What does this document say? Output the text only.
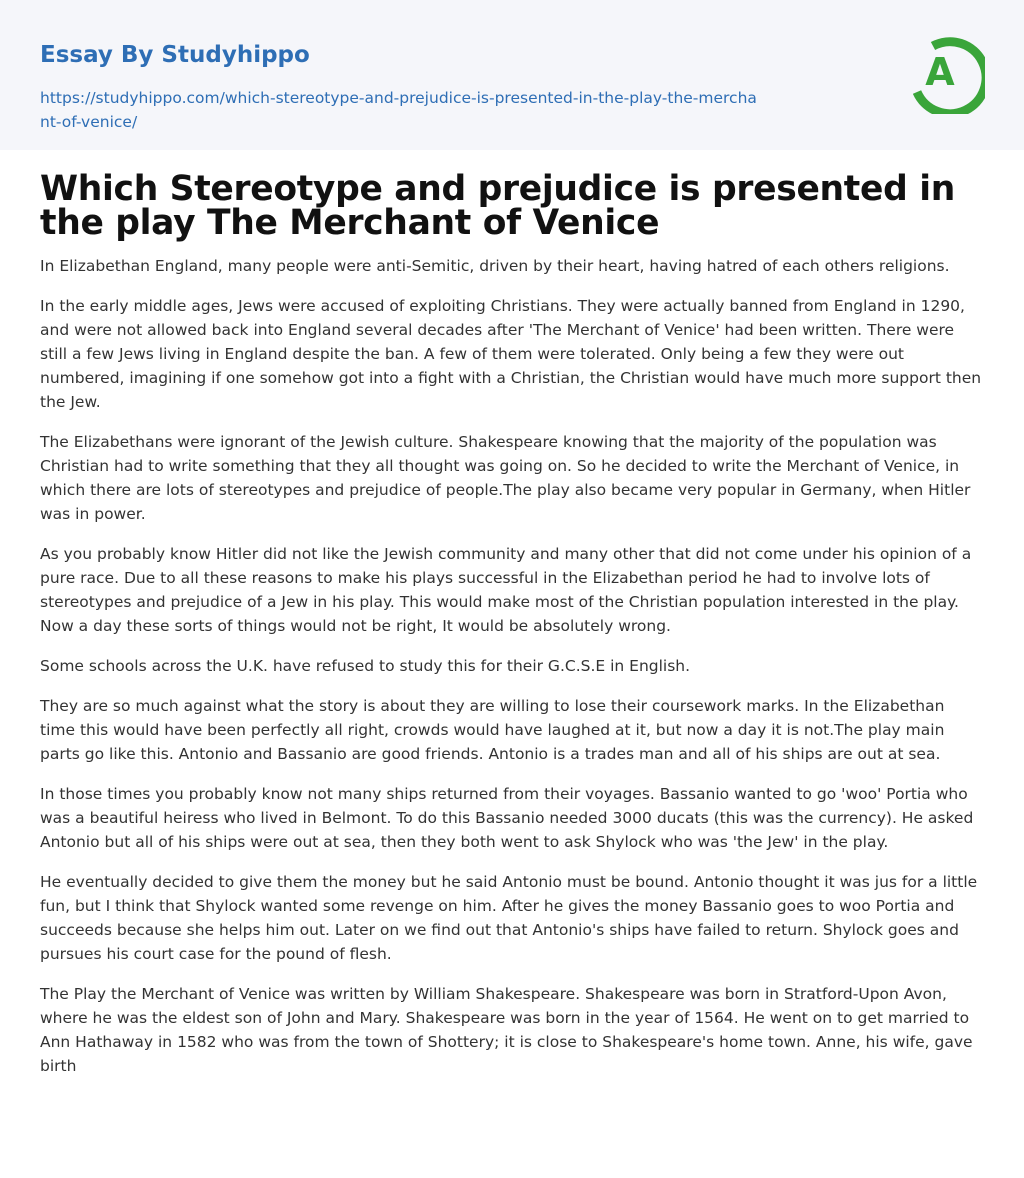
Essay By Studyhippo
https://studyhippo.com/which-stereotype-and-prejudice-is-presented-in-the-play-the-merchant-of-venice/
A
Which Stereotype and prejudice is presented in the play The Merchant of Venice

In Elizabethan England, many people were anti-Semitic, driven by their heart, having hatred of each others religions.

In the early middle ages, Jews were accused of exploiting Christians. They were actually banned from England in 1290, and were not allowed back into England several decades after 'The Merchant of Venice' had been written. There were still a few Jews living in England despite the ban. A few of them were tolerated. Only being a few they were out numbered, imagining if one somehow got into a fight with a Christian, the Christian would have much more support then the Jew.

The Elizabethans were ignorant of the Jewish culture. Shakespeare knowing that the majority of the population was Christian had to write something that they all thought was going on. So he decided to write the Merchant of Venice, in which there are lots of stereotypes and prejudice of people.The play also became very popular in Germany, when Hitler was in power.

As you probably know Hitler did not like the Jewish community and many other that did not come under his opinion of a pure race. Due to all these reasons to make his plays successful in the Elizabethan period he had to involve lots of stereotypes and prejudice of a Jew in his play. This would make most of the Christian population interested in the play. Now a day these sorts of things would not be right, It would be absolutely wrong.

Some schools across the U.K. have refused to study this for their G.C.S.E in English.

They are so much against what the story is about they are willing to lose their coursework marks. In the Elizabethan time this would have been perfectly all right, crowds would have laughed at it, but now a day it is not.The play main parts go like this. Antonio and Bassanio are good friends. Antonio is a trades man and all of his ships are out at sea.

In those times you probably know not many ships returned from their voyages. Bassanio wanted to go 'woo' Portia who was a beautiful heiress who lived in Belmont. To do this Bassanio needed 3000 ducats (this was the currency). He asked Antonio but all of his ships were out at sea, then they both went to ask Shylock who was 'the Jew' in the play.

He eventually decided to give them the money but he said Antonio must be bound. Antonio thought it was jus for a little fun, but I think that Shylock wanted some revenge on him. After he gives the money Bassanio goes to woo Portia and succeeds because she helps him out. Later on we find out that Antonio's ships have failed to return. Shylock goes and pursues his court case for the pound of flesh.

The Play the Merchant of Venice was written by William Shakespeare. Shakespeare was born in Stratford-Upon Avon, where he was the eldest son of John and Mary. Shakespeare was born in the year of 1564. He went on to get married to Ann Hathaway in 1582 who was from the town of Shottery; it is close to Shakespeare's home town. Anne, his wife, gave birth
